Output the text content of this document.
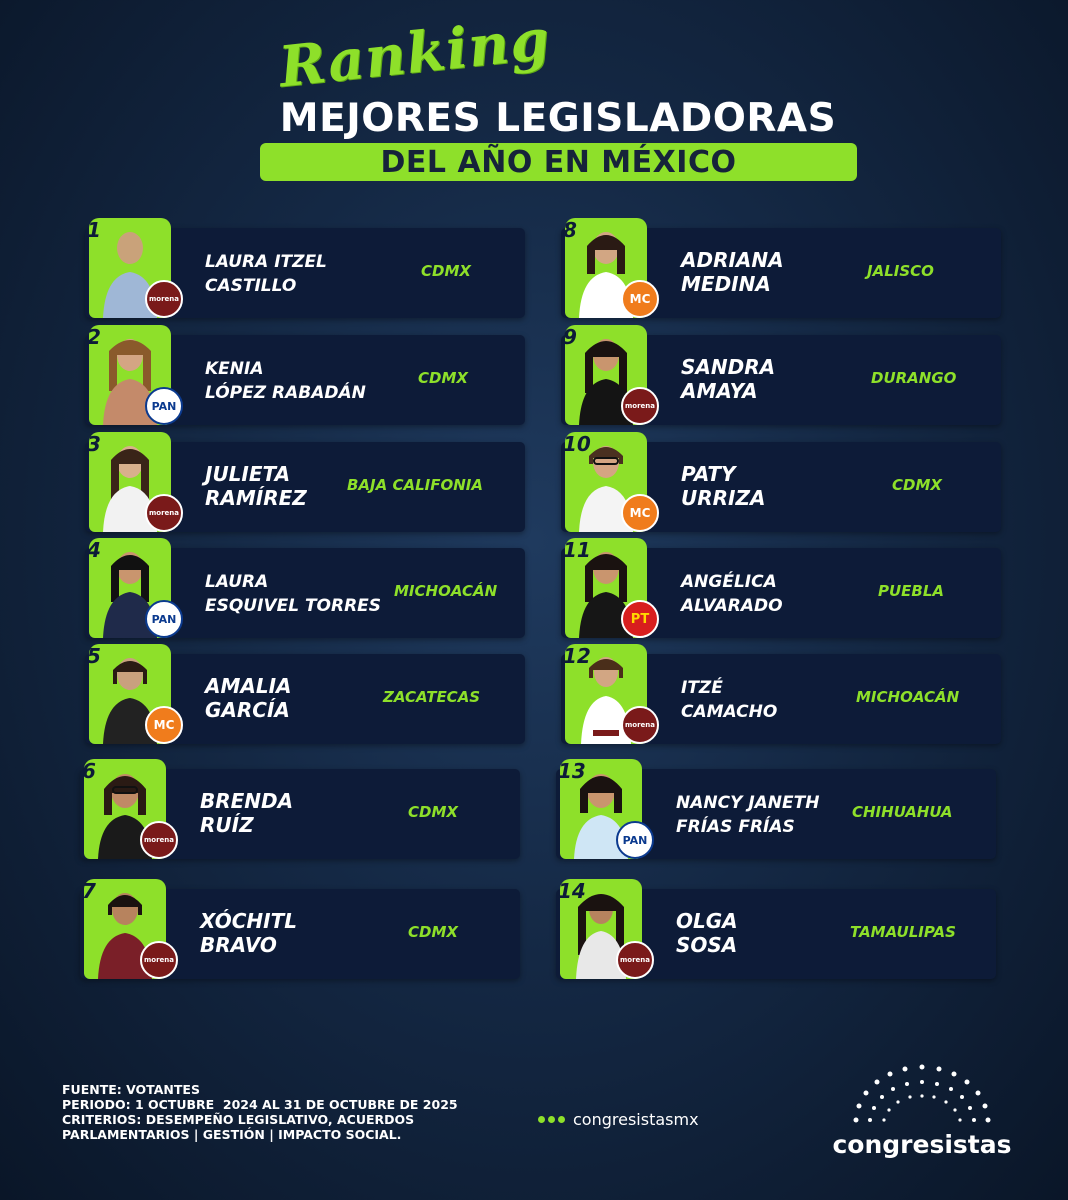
Ranking
MEJORES LEGISLADORAS
DEL AÑO EN MÉXICO
1
morena
LAURA ITZEL
CASTILLO
CDMX
2
PAN
KENIA
LÓPEZ RABADÁN
CDMX
3
morena
JULIETA
RAMÍREZ
BAJA CALIFONIA
4
PAN
LAURA
ESQUIVEL TORRES
MICHOACÁN
5
MC
AMALIA
GARCÍA
ZACATECAS
6
morena
BRENDA
RUÍZ
CDMX
7
morena
XÓCHITL
BRAVO
CDMX
8
MC
ADRIANA
MEDINA
JALISCO
9
morena
SANDRA
AMAYA
DURANGO
10
MC
PATY
URRIZA
CDMX
11
PT
ANGÉLICA
ALVARADO
PUEBLA
12
morena
ITZÉ
CAMACHO
MICHOACÁN
13
PAN
NANCY JANETH
FRÍAS FRÍAS
CHIHUAHUA
14
morena
OLGA
SOSA
TAMAULIPAS
FUENTE: VOTANTES
PERIODO: 1 OCTUBRE  2024 AL 31 DE OCTUBRE DE 2025
CRITERIOS: DESEMPEÑO LEGISLATIVO, ACUERDOS
PARLAMENTARIOS | GESTIÓN | IMPACTO SOCIAL.
congresistasmx
congresistas
